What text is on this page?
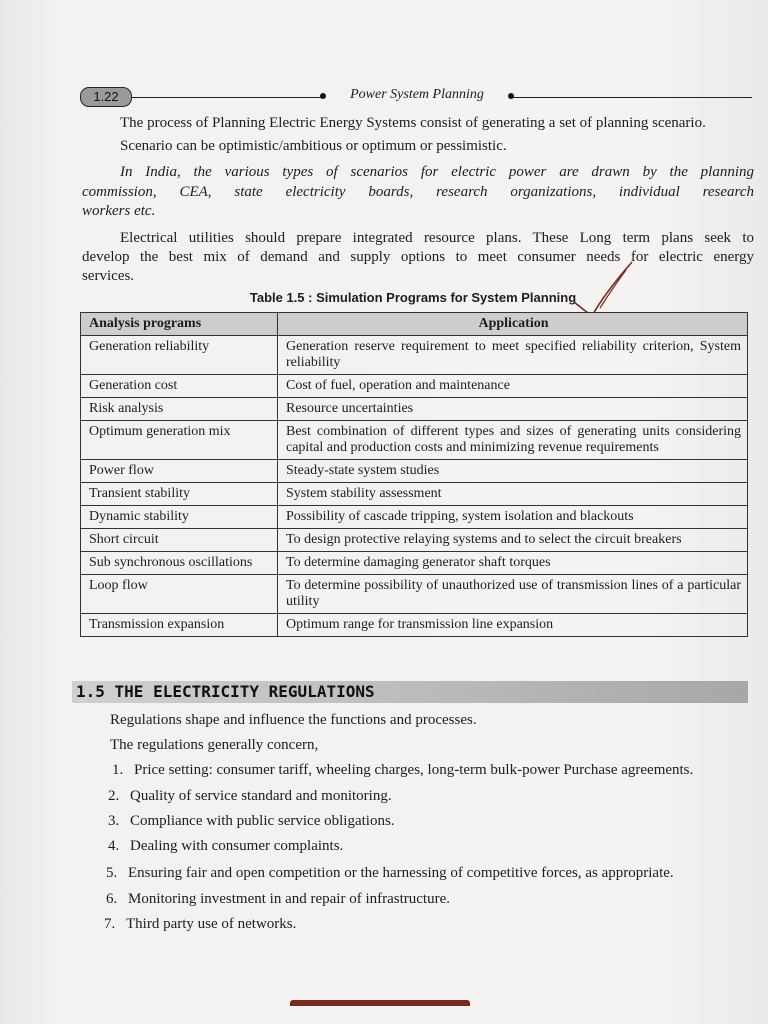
1.22	Power System Planning

The process of Planning Electric Energy Systems consist of generating a set of planning scenario.

Scenario can be optimistic/ambitious or optimum or pessimistic.

In India, the various types of scenarios for electric power are drawn by the planning

commission, CEA, state electricity boards, research organizations, individual research

workers etc.

Electrical utilities should prepare integrated resource plans. These Long term plans seek to

develop the best mix of demand and supply options to meet consumer needs for electric energy

services.

Table 1.5 : Simulation Programs for System Planning
Analysis programs	Application
Generation reliability	Generation reserve requirement to meet specified reliability criterion, System reliability
Generation cost	Cost of fuel, operation and maintenance
Risk analysis	Resource uncertainties
Optimum generation mix	Best combination of different types and sizes of generating units considering capital and production costs and minimizing revenue requirements
Power flow	Steady-state system studies
Transient stability	System stability assessment
Dynamic stability	Possibility of cascade tripping, system isolation and blackouts
Short circuit	To design protective relaying systems and to select the circuit breakers
Sub synchronous oscillations	To determine damaging generator shaft torques
Loop flow	To determine possibility of unauthorized use of transmission lines of a particular utility
Transmission expansion	Optimum range for transmission line expansion
1.5 THE ELECTRICITY REGULATIONS

Regulations shape and influence the functions and processes.

The regulations generally concern,

1. Price setting: consumer tariff, wheeling charges, long-term bulk-power Purchase agreements.
2. Quality of service standard and monitoring.
3. Compliance with public service obligations.
4. Dealing with consumer complaints.
5. Ensuring fair and open competition or the harnessing of competitive forces, as appropriate.
6. Monitoring investment in and repair of infrastructure.
7. Third party use of networks.
